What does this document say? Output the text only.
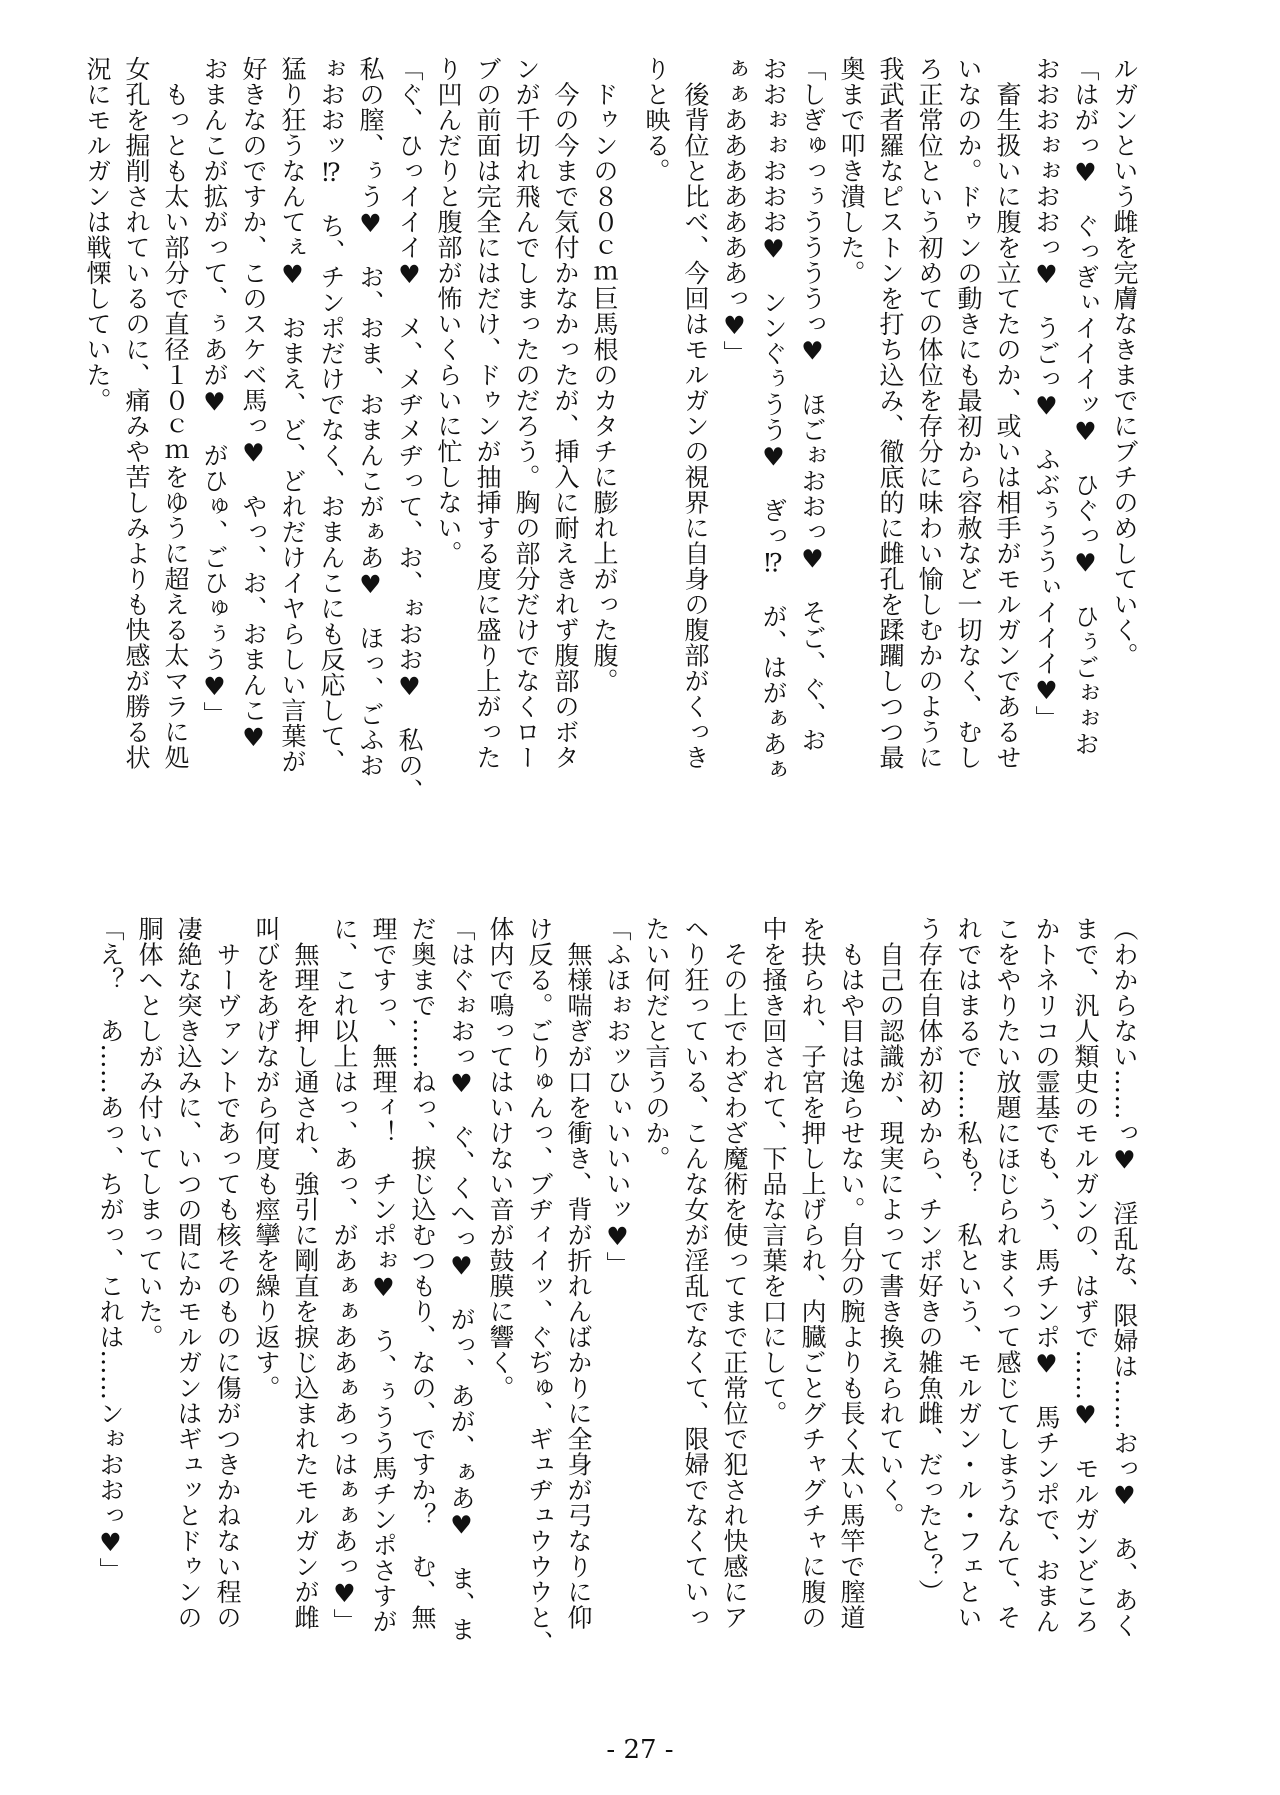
ルガンという雌を完膚なきまでにブチのめしていく。
「はがっ♥　ぐっぎぃイイイッ♥　ひぐっ♥　ひぅごぉぉお
おおおぉぉおおっ♥　うごっ♥　ふぶぅううぃイイイ♥」
　畜生扱いに腹を立てたのか、或いは相手がモルガンであるせ
いなのか。ドゥンの動きにも最初から容赦など一切なく、むし
ろ正常位という初めての体位を存分に味わい愉しむかのように
我武者羅なピストンを打ち込み、徹底的に雌孔を蹂躙しつつ最
奥まで叩き潰した。
「しぎゅっぅううううっ♥　ほごぉおおっ♥　そご、ぐ、お
おおぉぉおおお♥　ンンぐぅうう♥　ぎっ⁉　が、はがぁあぁ
ぁぁあああああああっ♥」
　後背位と比べ、今回はモルガンの視界に自身の腹部がくっき
りと映る。
　ドゥンの８０ｃｍ巨馬根のカタチに膨れ上がった腹。
　今の今まで気付かなかったが、挿入に耐えきれず腹部のボタ
ンが千切れ飛んでしまったのだろう。胸の部分だけでなくロー
ブの前面は完全にはだけ、ドゥンが抽挿する度に盛り上がった
り凹んだりと腹部が怖いくらいに忙しない。
「ぐ、ひっイイイ♥　メ、メヂメヂって、お、ぉおお♥　私の、
私の膣、ぅう♥　お、おま、おまんこがぁあ♥　ほっ、ごふお
ぉおおッ⁉　ち、チンポだけでなく、おまんこにも反応して、
猛り狂うなんてぇ♥　おまえ、ど、どれだけイヤらしい言葉が
好きなのですか、このスケベ馬っ♥　やっ、お、おまんこ♥
おまんこが拡がって、ぅあが♥　がひゅ、ごひゅぅう♥」
　もっとも太い部分で直径１０ｃｍをゆうに超える太マラに処
女孔を掘削されているのに、痛みや苦しみよりも快感が勝る状
況にモルガンは戦慄していた。
（わからない……っ♥　淫乱な、限婦は……おっ♥　あ、あく
まで、汎人類史のモルガンの、はずで……♥　モルガンどころ
かトネリコの霊基でも、う、馬チンポ♥　馬チンポで、おまん
こをやりたい放題にほじられまくって感じてしまうなんて、そ
れではまるで……私も？　私という、モルガン・ル・フェとい
う存在自体が初めから、チンポ好きの雑魚雌、だったと？）
　自己の認識が、現実によって書き換えられていく。
　もはや目は逸らせない。自分の腕よりも長く太い馬竿で膣道
を抉られ、子宮を押し上げられ、内臓ごとグチャグチャに腹の
中を掻き回されて、下品な言葉を口にして。
　その上でわざわざ魔術を使ってまで正常位で犯され快感にア
ヘり狂っている、こんな女が淫乱でなくて、限婦でなくていっ
たい何だと言うのか。
「ふほぉおッひぃいいいッ♥」
　無様喘ぎが口を衝き、背が折れんばかりに全身が弓なりに仰
け反る。ごりゅんっ、ブヂィイッ、ぐぢゅ、ギュヂュウウウと、
体内で鳴ってはいけない音が鼓膜に響く。
「はぐぉおっ♥　ぐ、くへっ♥　がっ、あが、ぁあ♥　ま、ま
だ奥まで……ねっ、捩じ込むつもり、なの、ですか？　む、無
理ですっ、無理ィ！　チンポぉ♥　う、ぅうう馬チンポさすが
に、これ以上はっ、あっ、があぁぁああぁあっはぁぁあっ♥」
　無理を押し通され、強引に剛直を捩じ込まれたモルガンが雌
叫びをあげながら何度も痙攣を繰り返す。
　サーヴァントであっても核そのものに傷がつきかねない程の
凄絶な突き込みに、いつの間にかモルガンはギュッとドゥンの
胴体へとしがみ付いてしまっていた。
「え？　あ……あっ、ちがっ、これは……ンぉおおっ♥」
- 27 -
